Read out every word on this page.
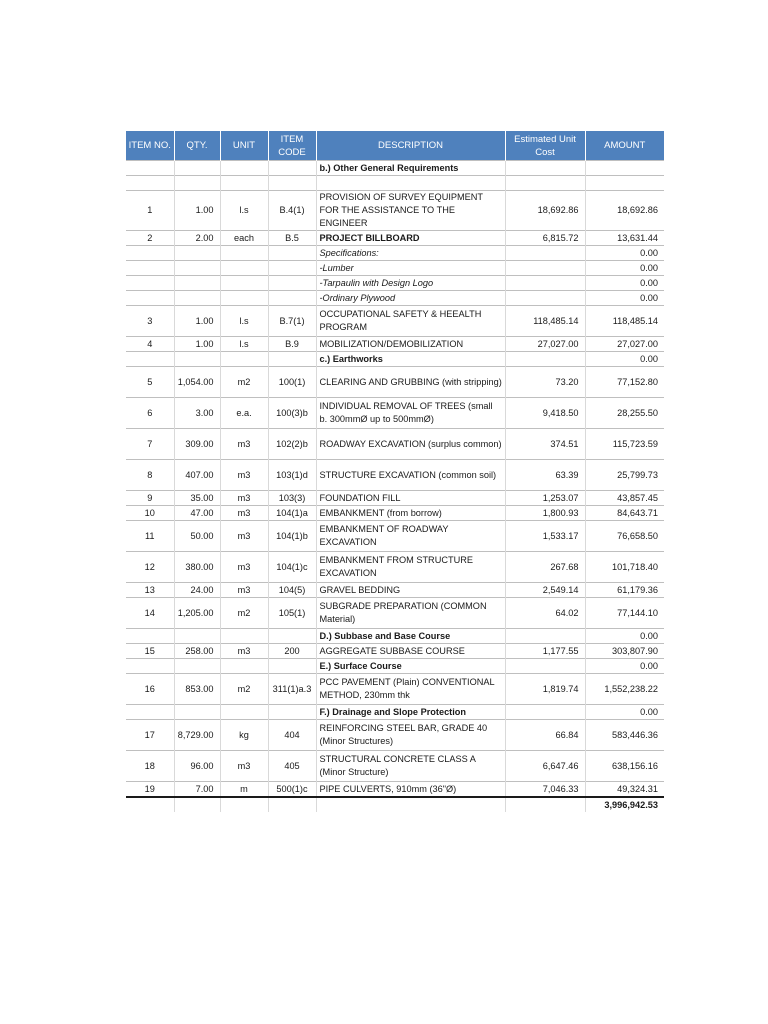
ITEM NO.	QTY.	UNIT	ITEM CODE	DESCRIPTION	Estimated Unit Cost	AMOUNT
				b.) Other General Requirements		

1	1.00	l.s	B.4(1)	PROVISION OF SURVEY EQUIPMENT FOR THE ASSISTANCE TO THE ENGINEER	18,692.86	18,692.86
2	2.00	each	B.5	PROJECT BILLBOARD	6,815.72	13,631.44
				Specifications:		0.00
				-Lumber		0.00
				-Tarpaulin with Design Logo		0.00
				-Ordinary Plywood		0.00
3	1.00	l.s	B.7(1)	OCCUPATIONAL SAFETY & HEEALTH PROGRAM	118,485.14	118,485.14
4	1.00	l.s	B.9	MOBILIZATION/DEMOBILIZATION	27,027.00	27,027.00
				c.) Earthworks		0.00
5	1,054.00	m2	100(1)	CLEARING AND GRUBBING (with stripping)	73.20	77,152.80
6	3.00	e.a.	100(3)b	INDIVIDUAL REMOVAL OF TREES (small b. 300mmØ up to 500mmØ)	9,418.50	28,255.50
7	309.00	m3	102(2)b	ROADWAY EXCAVATION (surplus common)	374.51	115,723.59
8	407.00	m3	103(1)d	STRUCTURE EXCAVATION (common soil)	63.39	25,799.73
9	35.00	m3	103(3)	FOUNDATION FILL	1,253.07	43,857.45
10	47.00	m3	104(1)a	EMBANKMENT (from borrow)	1,800.93	84,643.71
11	50.00	m3	104(1)b	EMBANKMENT OF ROADWAY EXCAVATION	1,533.17	76,658.50
12	380.00	m3	104(1)c	EMBANKMENT FROM STRUCTURE EXCAVATION	267.68	101,718.40
13	24.00	m3	104(5)	GRAVEL BEDDING	2,549.14	61,179.36
14	1,205.00	m2	105(1)	SUBGRADE PREPARATION (COMMON Material)	64.02	77,144.10
				D.) Subbase and Base Course		0.00
15	258.00	m3	200	AGGREGATE SUBBASE COURSE	1,177.55	303,807.90
				E.) Surface Course		0.00
16	853.00	m2	311(1)a.3	PCC PAVEMENT (Plain) CONVENTIONAL METHOD, 230mm thk	1,819.74	1,552,238.22
				F.) Drainage and Slope Protection		0.00
17	8,729.00	kg	404	REINFORCING STEEL BAR, GRADE 40 (Minor Structures)	66.84	583,446.36
18	96.00	m3	405	STRUCTURAL CONCRETE CLASS A (Minor Structure)	6,647.46	638,156.16
19	7.00	m	500(1)c	PIPE CULVERTS, 910mm (36"Ø)	7,046.33	49,324.31
						3,996,942.53
